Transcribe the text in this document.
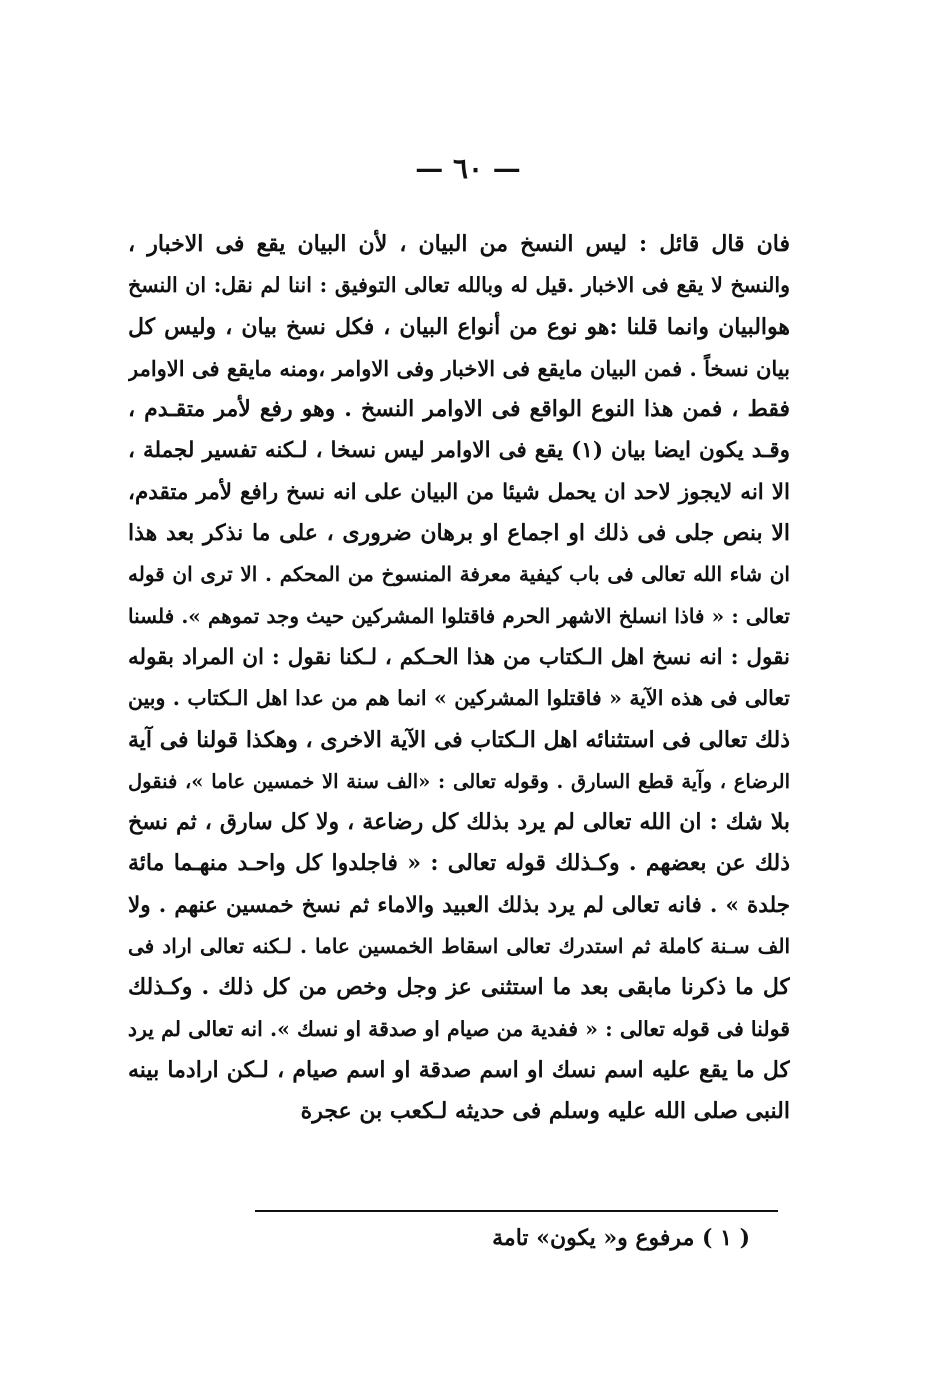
— ٦٠ —
فان قال قائل : ليس النسخ من البيان ، لأن البيان يقع فى الاخبار ،
والنسخ لا يقع فى الاخبار .قيل له وبالله تعالى التوفيق : اننا لم نقل: ان النسخ
هوالبيان وانما قلنا :هو نوع من أنواع البيان ، فكل نسخ بيان ، وليس كل
بيان نسخاً . فمن البيان مايقع فى الاخبار وفى الاوامر ،ومنه مايقع فى الاوامر
فقط ، فمن هذا النوع الواقع فى الاوامر النسخ . وهو رفع لأمر متقـدم ،
وقـد يكون ايضا بيان (١) يقع فى الاوامر ليس نسخا ، لـكنه تفسير لجملة ،
الا انه لايجوز لاحد ان يحمل شيئا من البيان على انه نسخ رافع لأمر متقدم،
الا بنص جلى فى ذلك او اجماع او برهان ضرورى ، على ما نذكر بعد هذا
ان شاء الله تعالى فى باب كيفية معرفة المنسوخ من المحكم . الا ترى ان قوله
تعالى : « فاذا انسلخ الاشهر الحرم فاقتلوا المشركين حيث وجد تموهم ». فلسنا
نقول : انه نسخ اهل الـكتاب من هذا الحـكم ، لـكنا نقول : ان المراد بقوله
تعالى فى هذه الآية « فاقتلوا المشركين » انما هم من عدا اهل الـكتاب . وبين
ذلك تعالى فى استثنائه اهل الـكتاب فى الآية الاخرى ، وهكذا قولنا فى آية
الرضاع ، وآية قطع السارق . وقوله تعالى : «الف سنة الا خمسين عاما »، فنقول
بلا شك : ان الله تعالى لم يرد بذلك كل رضاعة ، ولا كل سارق ، ثم نسخ
ذلك عن بعضهم . وكـذلك قوله تعالى : « فاجلدوا كل واحـد منهـما مائة
جلدة » . فانه تعالى لم يرد بذلك العبيد والاماء ثم نسخ خمسين عنهم . ولا
الف سـنة كاملة ثم استدرك تعالى اسقاط الخمسين عاما . لـكنه تعالى اراد فى
كل ما ذكرنا مابقى بعد ما استثنى عز وجل وخص من كل ذلك . وكـذلك
قولنا فى قوله تعالى : « ففدية من صيام او صدقة او نسك ». انه تعالى لم يرد
كل ما يقع عليه اسم نسك او اسم صدقة او اسم صيام ، لـكن ارادما بينه
النبى صلى الله عليه وسلم فى حديثه لـكعب بن عجرة
( ١ ) مرفوع و« يكون» تامة
